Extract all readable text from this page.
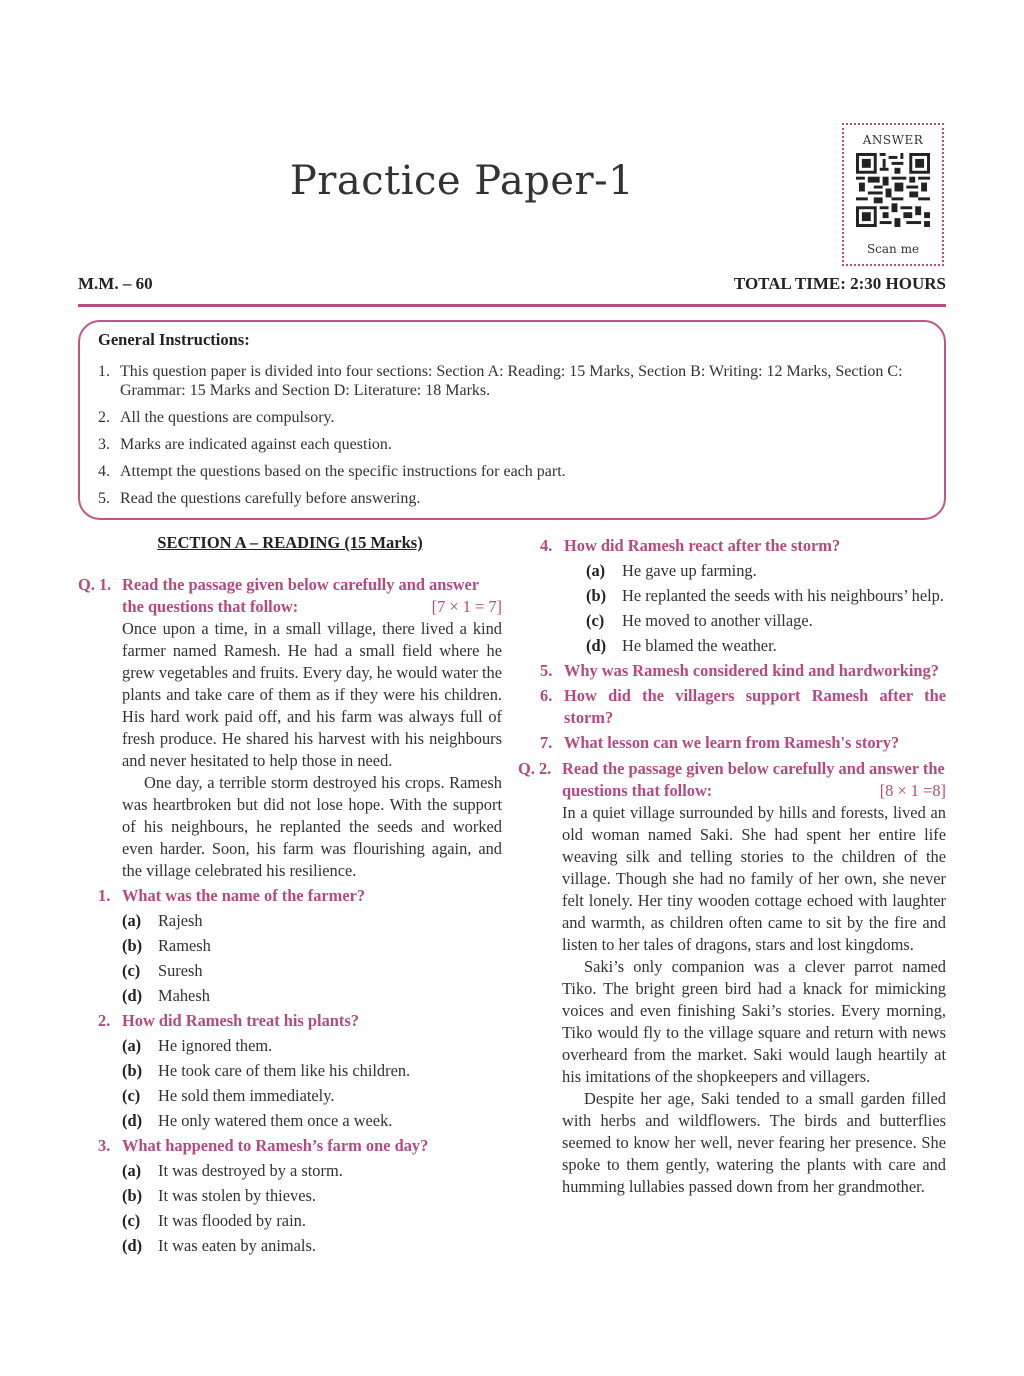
Practice Paper-1
ANSWER
Scan me
M.M. – 60	TOTAL TIME: 2:30 HOURS
General Instructions:
1. This question paper is divided into four sections: Section A: Reading: 15 Marks, Section B: Writing: 12 Marks, Section C: Grammar: 15 Marks and Section D: Literature: 18 Marks.
2. All the questions are compulsory.
3. Marks are indicated against each question.
4. Attempt the questions based on the specific instructions for each part.
5. Read the questions carefully before answering.
SECTION A – READING (15 Marks)
Q. 1. Read the passage given below carefully and answer the questions that follow:	[7 × 1 = 7]

Once upon a time, in a small village, there lived a kind farmer named Ramesh. He had a small field where he grew vegetables and fruits. Every day, he would water the plants and take care of them as if they were his children. His hard work paid off, and his farm was always full of fresh produce. He shared his harvest with his neighbours and never hesitated to help those in need.

One day, a terrible storm destroyed his crops. Ramesh was heartbroken but did not lose hope. With the support of his neighbours, he replanted the seeds and worked even harder. Soon, his farm was flourishing again, and the village celebrated his resilience.

1. What was the name of the farmer?
(a)	Rajesh
(b) Ramesh
(c)	Suresh
(d) Mahesh
2. How did Ramesh treat his plants?
(a)	He ignored them.
(b) He took care of them like his children.
(c)	He sold them immediately.
(d) He only watered them once a week.
3. What happened to Ramesh’s farm one day?
(a)	It was destroyed by a storm.
(b) It was stolen by thieves.
(c)	It was flooded by rain.
(d) It was eaten by animals.
4. How did Ramesh react after the storm?
(a)	He gave up farming.
(b) He replanted the seeds with his neighbours’ help.
(c)	He moved to another village.
(d) He blamed the weather.
5. Why was Ramesh considered kind and hardworking?
6. How did the villagers support Ramesh after the storm?
7. What lesson can we learn from Ramesh's story?
Q. 2. Read the passage given below carefully and answer the questions that follow:	[8 × 1 =8]

In a quiet village surrounded by hills and forests, lived an old woman named Saki. She had spent her entire life weaving silk and telling stories to the children of the village. Though she had no family of her own, she never felt lonely. Her tiny wooden cottage echoed with laughter and warmth, as children often came to sit by the fire and listen to her tales of dragons, stars and lost kingdoms.

Saki’s only companion was a clever parrot named Tiko. The bright green bird had a knack for mimicking voices and even finishing Saki’s stories. Every morning, Tiko would fly to the village square and return with news overheard from the market. Saki would laugh heartily at his imitations of the shopkeepers and villagers.

Despite her age, Saki tended to a small garden filled with herbs and wildflowers. The birds and butterflies seemed to know her well, never fearing her presence. She spoke to them gently, watering the plants with care and humming lullabies passed down from her grandmother.
